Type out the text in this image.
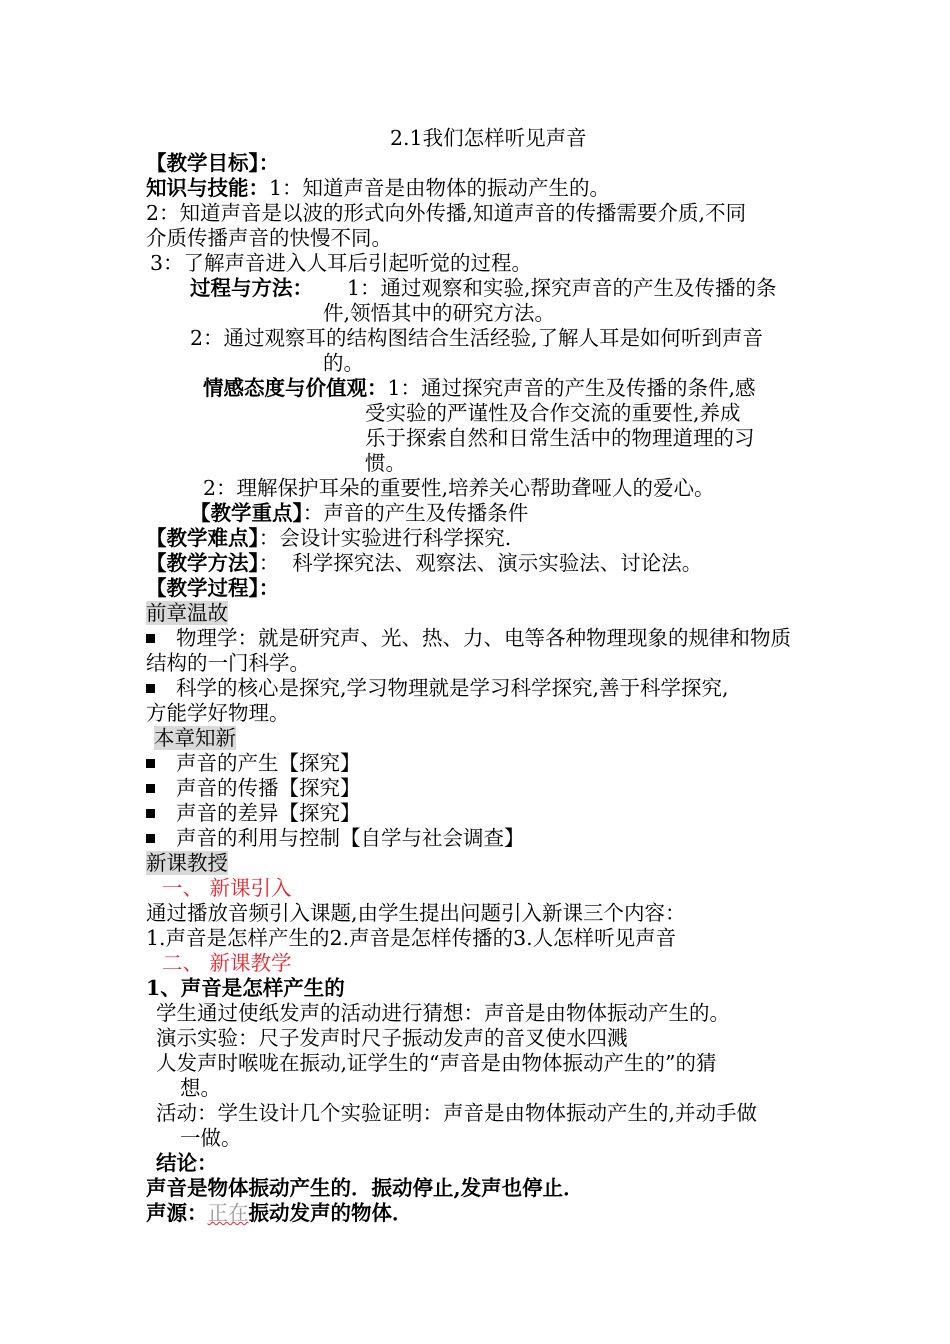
2.1我们怎样听见声音
【教学目标】：
知识与技能：1：知道声音是由物体的振动产生的。
2：知道声音是以波的形式向外传播,知道声音的传播需要介质,不同
介质传播声音的快慢不同。
3：了解声音进入人耳后引起听觉的过程。
过程与方法： 1：通过观察和实验,探究声音的产生及传播的条
件,领悟其中的研究方法。
2：通过观察耳的结构图结合生活经验,了解人耳是如何听到声音
的。
情感态度与价值观：1：通过探究声音的产生及传播的条件,感
受实验的严谨性及合作交流的重要性,养成
乐于探索自然和日常生活中的物理道理的习
惯。
2：理解保护耳朵的重要性,培养关心帮助聋哑人的爱心。
【教学重点】：声音的产生及传播条件
【教学难点】：会设计实验进行科学探究.
【教学方法】：  科学探究法、观察法、演示实验法、讨论法。
【教学过程】：
前章温故
物理学：就是研究声、光、热、力、电等各种物理现象的规律和物质
结构的一门科学。
科学的核心是探究,学习物理就是学习科学探究,善于科学探究,
方能学好物理。
本章知新
声音的产生【探究】
声音的传播【探究】
声音的差异【探究】
声音的利用与控制【自学与社会调查】
新课教授
一、 新课引入
通过播放音频引入课题,由学生提出问题引入新课三个内容：
1.声音是怎样产生的2.声音是怎样传播的3.人怎样听见声音
二、 新课教学
1、声音是怎样产生的
学生通过使纸发声的活动进行猜想：声音是由物体振动产生的。
演示实验：尺子发声时尺子振动发声的音叉使水四溅
人发声时喉咙在振动,证学生的“声音是由物体振动产生的”的猜
想。
活动：学生设计几个实验证明：声音是由物体振动产生的,并动手做
一做。
结论：
声音是物体振动产生的．振动停止,发声也停止．
声源：正在振动发声的物体．
